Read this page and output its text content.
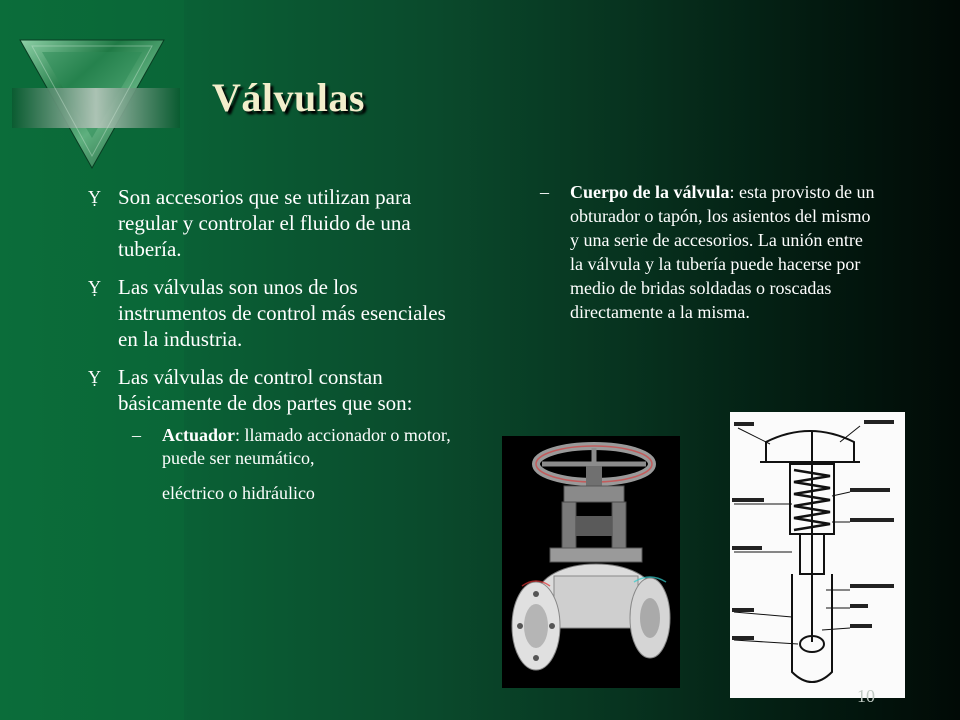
Válvulas
Ỵ Son accesorios que se utilizan para regular y controlar el fluido de una tubería.
Ỵ Las válvulas son unos de los instrumentos de control más esenciales en la industria.
Ỵ Las válvulas de control constan básicamente de dos partes que son:
– Actuador: llamado accionador o motor, puede ser neumático,
eléctrico o hidráulico
– Cuerpo de la válvula: esta provisto de un obturador o tapón, los asientos del mismo y una serie de accesorios. La unión entre la válvula y la tubería puede hacerse por medio de bridas soldadas o roscadas directamente a la misma.
10
